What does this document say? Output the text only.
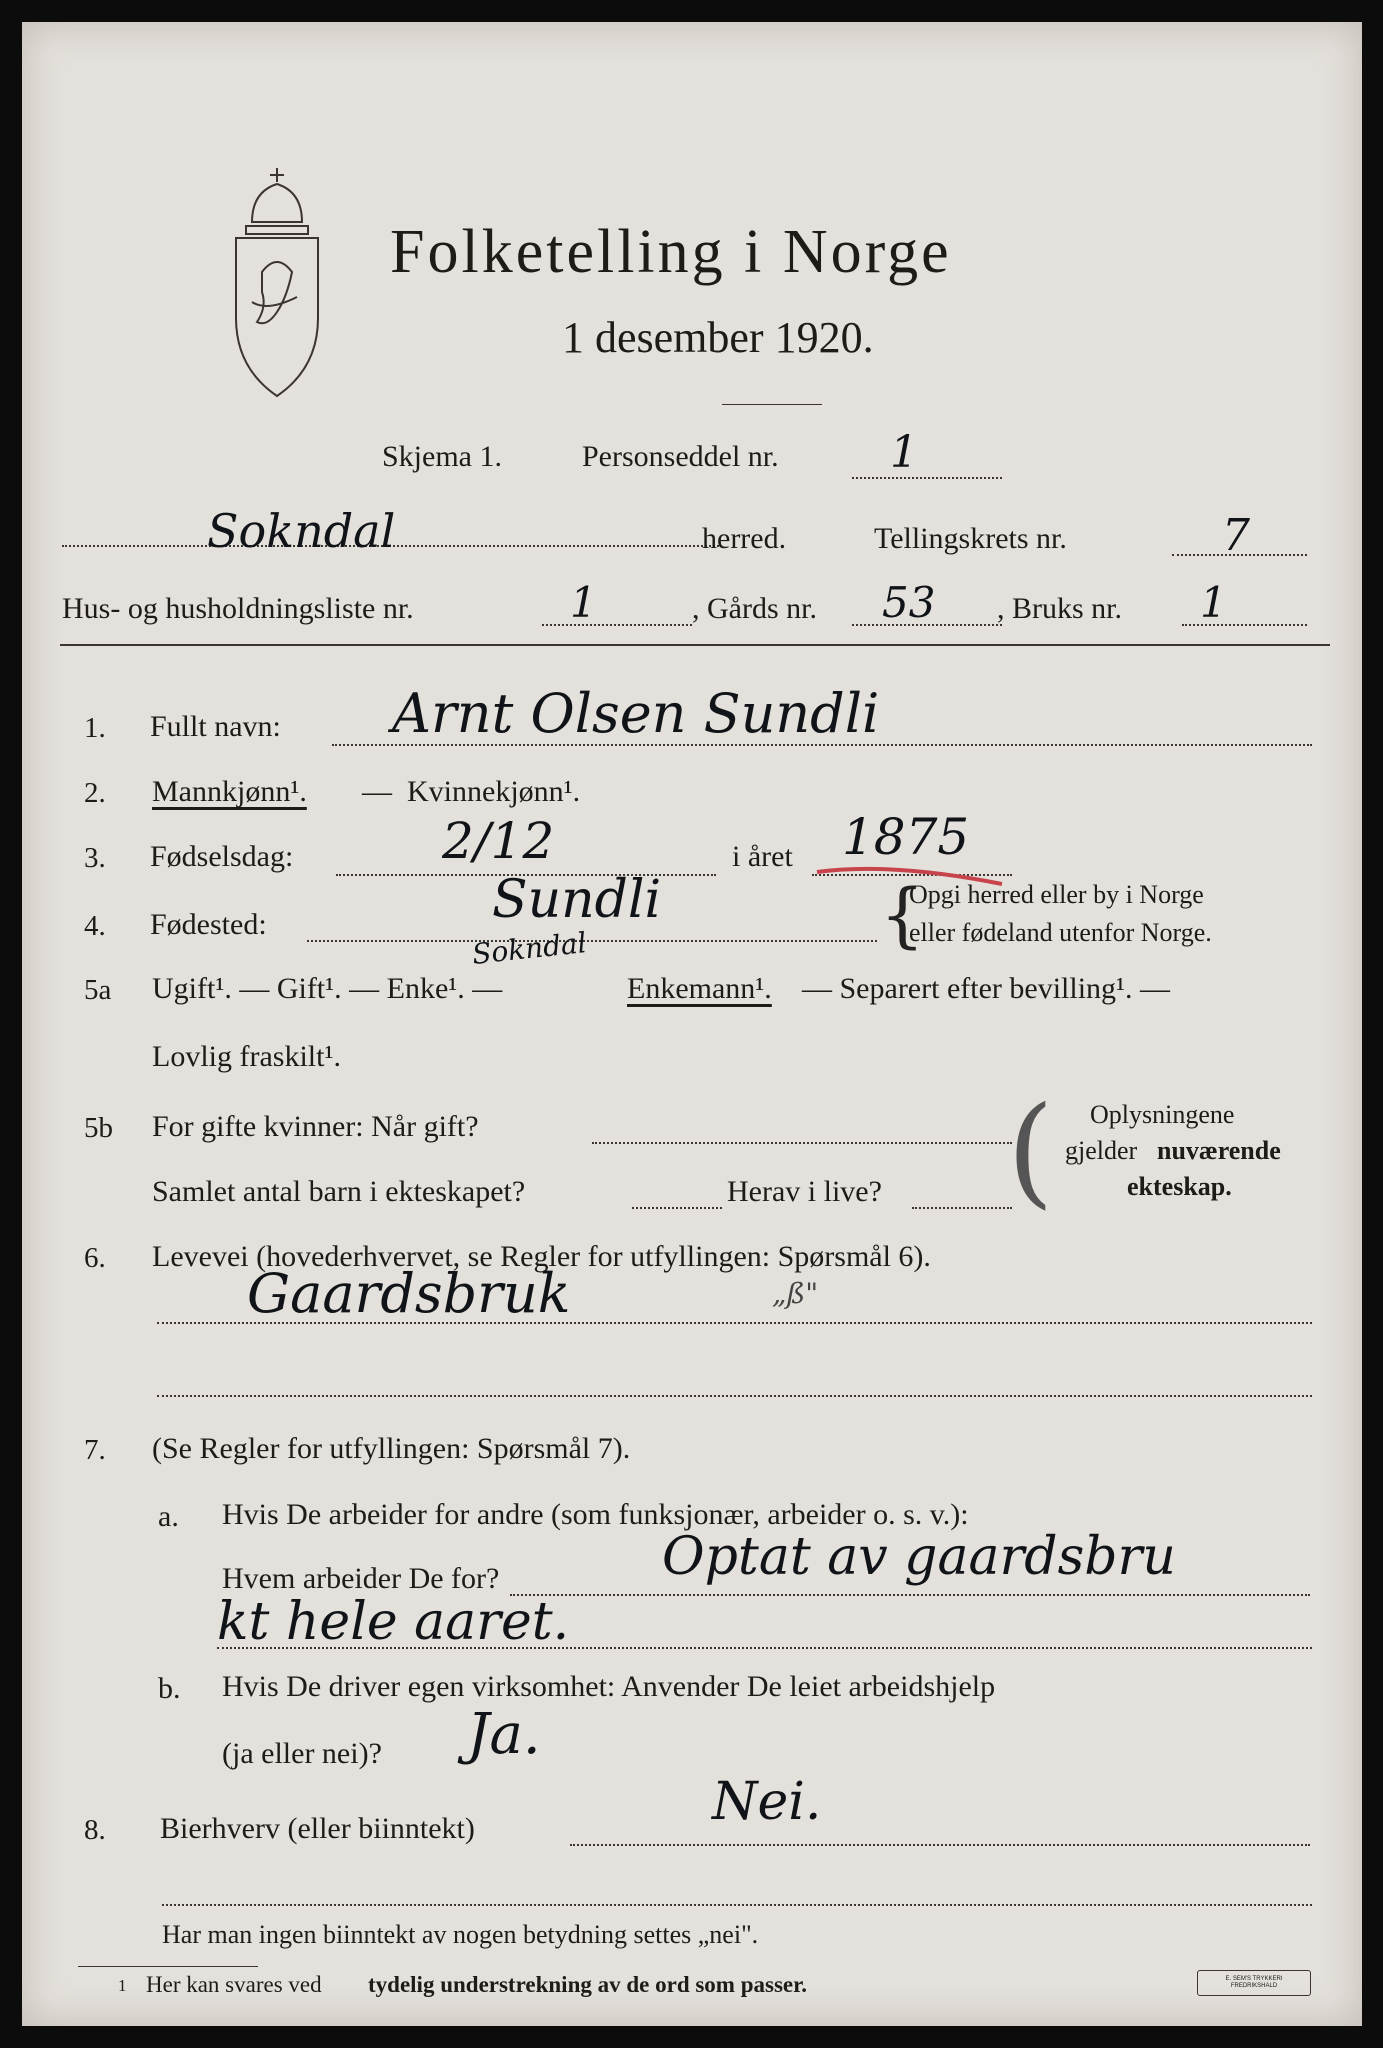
Folketelling i Norge
1 desember 1920.
Skjema 1.	Personseddel nr.	1
Sokndal	herred.	Tellingskrets nr.	7
Hus- og husholdningsliste nr.	1	, Gårds nr. 53 , Bruks nr. 1
1. Fullt navn: Arnt Olsen Sundli
2. Mannkjønn¹. — Kvinnekjønn¹.
3. Fødselsdag:	2/12	i året 1875
4. Fødested:	Sundli
Sokndal	{
Opgi herred eller by i Norge
eller fødeland utenfor Norge.
5a Ugift¹. — Gift¹. — Enke¹. —	Enkemann¹. — Separert efter bevilling¹. —
Lovlig fraskilt¹.
5b For gifte kvinner: Når gift?
Samlet antal barn i ekteskapet?	Herav i live? ( Oplysningene
gjelder nuværende
ekteskap.
6. Levevei (hovederhvervet, se Regler for utfyllingen: Spørsmål 6).
Gaardsbruk	„ß"
7. (Se Regler for utfyllingen: Spørsmål 7).
a. Hvis De arbeider for andre (som funksjonær, arbeider o. s. v.):
Hvem arbeider De for?	Optat av gaardsbru
kt hele aaret.
b. Hvis De driver egen virksomhet: Anvender De leiet arbeidshjelp
(ja eller nei)? Ja.
8. Bierhverv (eller biinntekt)	Nei.
Har man ingen biinntekt av nogen betydning settes „nei".
1 Her kan svares ved tydelig understrekning av de ord som passer.	E. SEM'S TRYKKERI FREDRIKSHALD
